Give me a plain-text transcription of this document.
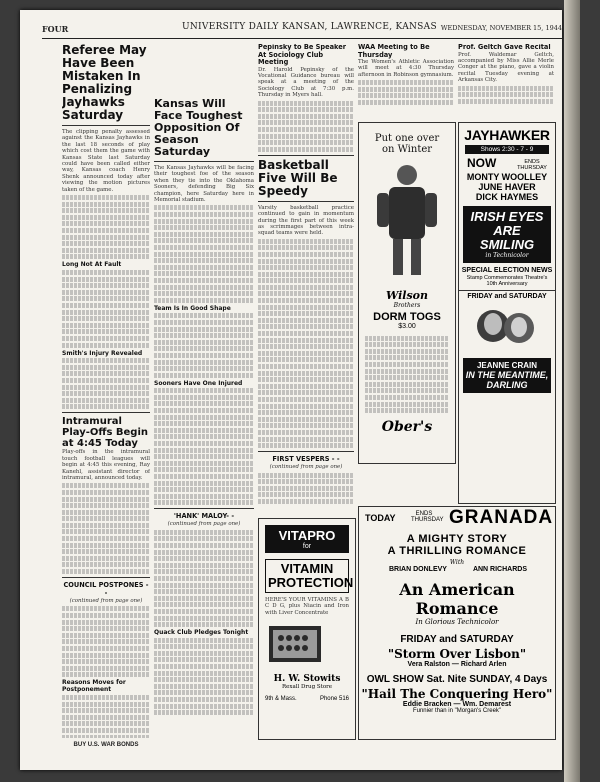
FOUR	UNIVERSITY DAILY KANSAN, LAWRENCE, KANSAS WEDNESDAY, NOVEMBER 15, 1944

Referee May Have Been Mistaken In Penalizing Jayhawks Saturday

The clipping penalty assessed against the Kansas Jayhawks in the last 18 seconds of play which cost them the game with Kansas State last Saturday could have been called either way, Kansas coach Henry Shenk announced today after viewing the motion pictures taken of the game.

Long Not At Fault

Smith's Injury Revealed

Intramural Play-Offs Begin at 4:45 Today

Play-offs in the intramural touch football leagues will begin at 4:45 this evening, Ray Kanehl, assistant director of intramural, announced today.

COUNCIL POSTPONES - -

(continued from page one)

Reasons Moves for Postponement

Kansas Will Face Toughest Opposition Of Season Saturday

The Kansas Jayhawks will be facing their toughest foe of the season when they tie into the Oklahoma Sooners, defending Big Six champion, here Saturday here in Memorial stadium.

Team Is In Good Shape

Sooners Have One Injured

'HANK' MALOY- -

(continued from page one)

Quack Club Pledges Tonight

Pepinsky to Be Speaker At Sociology Club Meeting

Dr. Harold Pepinsky of the Vocational Guidance bureau will speak at a meeting of the Sociology Club at 7:30 p.m. Thursday in Myers hall.

Basketball Five Will Be Speedy

Varsity basketball practice continued to gain in momentum during the first part of this week as scrimmages between intra-squad teams were held.

FIRST VESPERS - -

(continued from page one)

WAA Meeting to Be Thursday

The Women's Athletic Association will meet at 4:30 Thursday afternoon in Robinson gymnasium.

Prof. Geltch Gave Recital

Prof. Waldemar Geltch, accompanied by Miss Allie Merle Conger at the piano, gave a violin recital Tuesday evening at Arkansas City.

Put one over
on Winter
Wilson
Brothers
DORM TOGS
$3.00
Ober's
JAYHAWKER
Shows 2:30 - 7 - 9
NOW	ENDS THURSDAY
MONTY WOOLLEY
JUNE HAVER
DICK HAYMES
IRISH EYES ARE SMILING
in Technicolor
SPECIAL ELECTION NEWS
Stamp Commemorates Theatre's 10th Anniversary
FRIDAY and SATURDAY
JEANNE CRAIN
IN THE MEANTIME, DARLING
VITAPRO
for
VITAMIN PROTECTION

HERE'S YOUR VITAMINS A B C D G, plus Niacin and Iron with Liver Concentrate

H. W. Stowits
Rexall Drug Store
9th & Mass.	Phone 516
TODAY	ENDS THURSDAY GRANADA
A MIGHTY STORY
A THRILLING ROMANCE
With
BRIAN DONLEVY	ANN RICHARDS
An American Romance
In Glorious Technicolor
FRIDAY and SATURDAY
"Storm Over Lisbon"
Vera Ralston — Richard Arlen
OWL SHOW Sat. Nite SUNDAY, 4 Days
"Hail The Conquering Hero"
Eddie Bracken — Wm. Demarest
Funnier than in "Morgan's Creek"
BUY U.S. WAR BONDS
